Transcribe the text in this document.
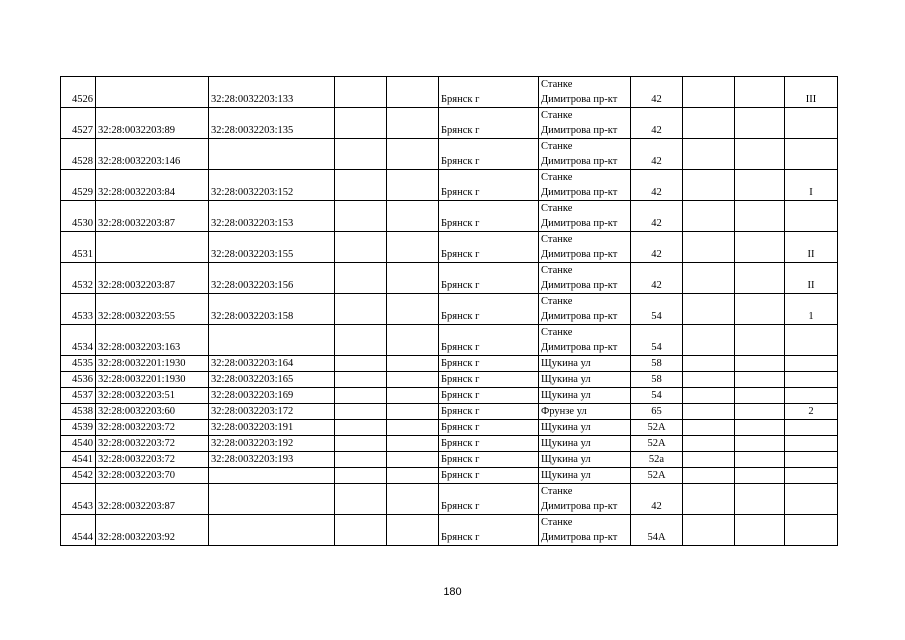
4526		32:28:0032203:133			Брянск г	Станке
Димитрова пр-кт	42			III
4527	32:28:0032203:89	32:28:0032203:135			Брянск г	Станке
Димитрова пр-кт	42			
4528	32:28:0032203:146				Брянск г	Станке
Димитрова пр-кт	42			
4529	32:28:0032203:84	32:28:0032203:152			Брянск г	Станке
Димитрова пр-кт	42			I
4530	32:28:0032203:87	32:28:0032203:153			Брянск г	Станке
Димитрова пр-кт	42			
4531		32:28:0032203:155			Брянск г	Станке
Димитрова пр-кт	42			II
4532	32:28:0032203:87	32:28:0032203:156			Брянск г	Станке
Димитрова пр-кт	42			II
4533	32:28:0032203:55	32:28:0032203:158			Брянск г	Станке
Димитрова пр-кт	54			1
4534	32:28:0032203:163				Брянск г	Станке
Димитрова пр-кт	54			
4535	32:28:0032201:1930	32:28:0032203:164			Брянск г	Щукина ул	58			
4536	32:28:0032201:1930	32:28:0032203:165			Брянск г	Щукина ул	58			
4537	32:28:0032203:51	32:28:0032203:169			Брянск г	Щукина ул	54			
4538	32:28:0032203:60	32:28:0032203:172			Брянск г	Фрунзе ул	65			2
4539	32:28:0032203:72	32:28:0032203:191			Брянск г	Щукина ул	52А			
4540	32:28:0032203:72	32:28:0032203:192			Брянск г	Щукина ул	52А			
4541	32:28:0032203:72	32:28:0032203:193			Брянск г	Щукина ул	52а			
4542	32:28:0032203:70				Брянск г	Щукина ул	52А			
4543	32:28:0032203:87				Брянск г	Станке
Димитрова пр-кт	42			
4544	32:28:0032203:92				Брянск г	Станке
Димитрова пр-кт	54А			
180
